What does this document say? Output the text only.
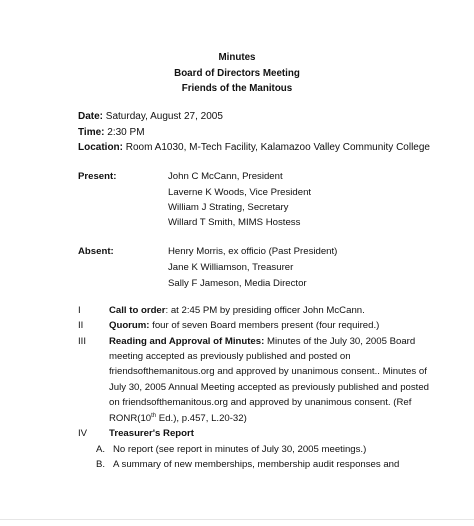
Minutes
Board of Directors Meeting
Friends of the Manitous
Date: Saturday, August 27, 2005
Time: 2:30 PM
Location: Room A1030, M-Tech Facility, Kalamazoo Valley Community College
Present:	John C McCann, President
Laverne K Woods, Vice President
William J Strating, Secretary
Willard T Smith, MIMS Hostess
Absent:	Henry Morris, ex officio (Past President)
Jane K Williamson, Treasurer
Sally F Jameson, Media Director
I	Call to order: at 2:45 PM by presiding officer John McCann.
II	Quorum: four of seven Board members present (four required.)
III Reading and Approval of Minutes: Minutes of the July 30, 2005 Board
meeting accepted as previously published and posted on
friendsofthemanitous.org and approved by unanimous consent.. Minutes of
July 30, 2005 Annual Meeting accepted as previously published and posted
on friendsofthemanitous.org and approved by unanimous consent. (Ref
RONR(10th Ed.), p.457, L.20-32)
IV Treasurer's Report
A. No report (see report in minutes of July 30, 2005 meetings.)
B. A summary of new memberships, membership audit responses and
